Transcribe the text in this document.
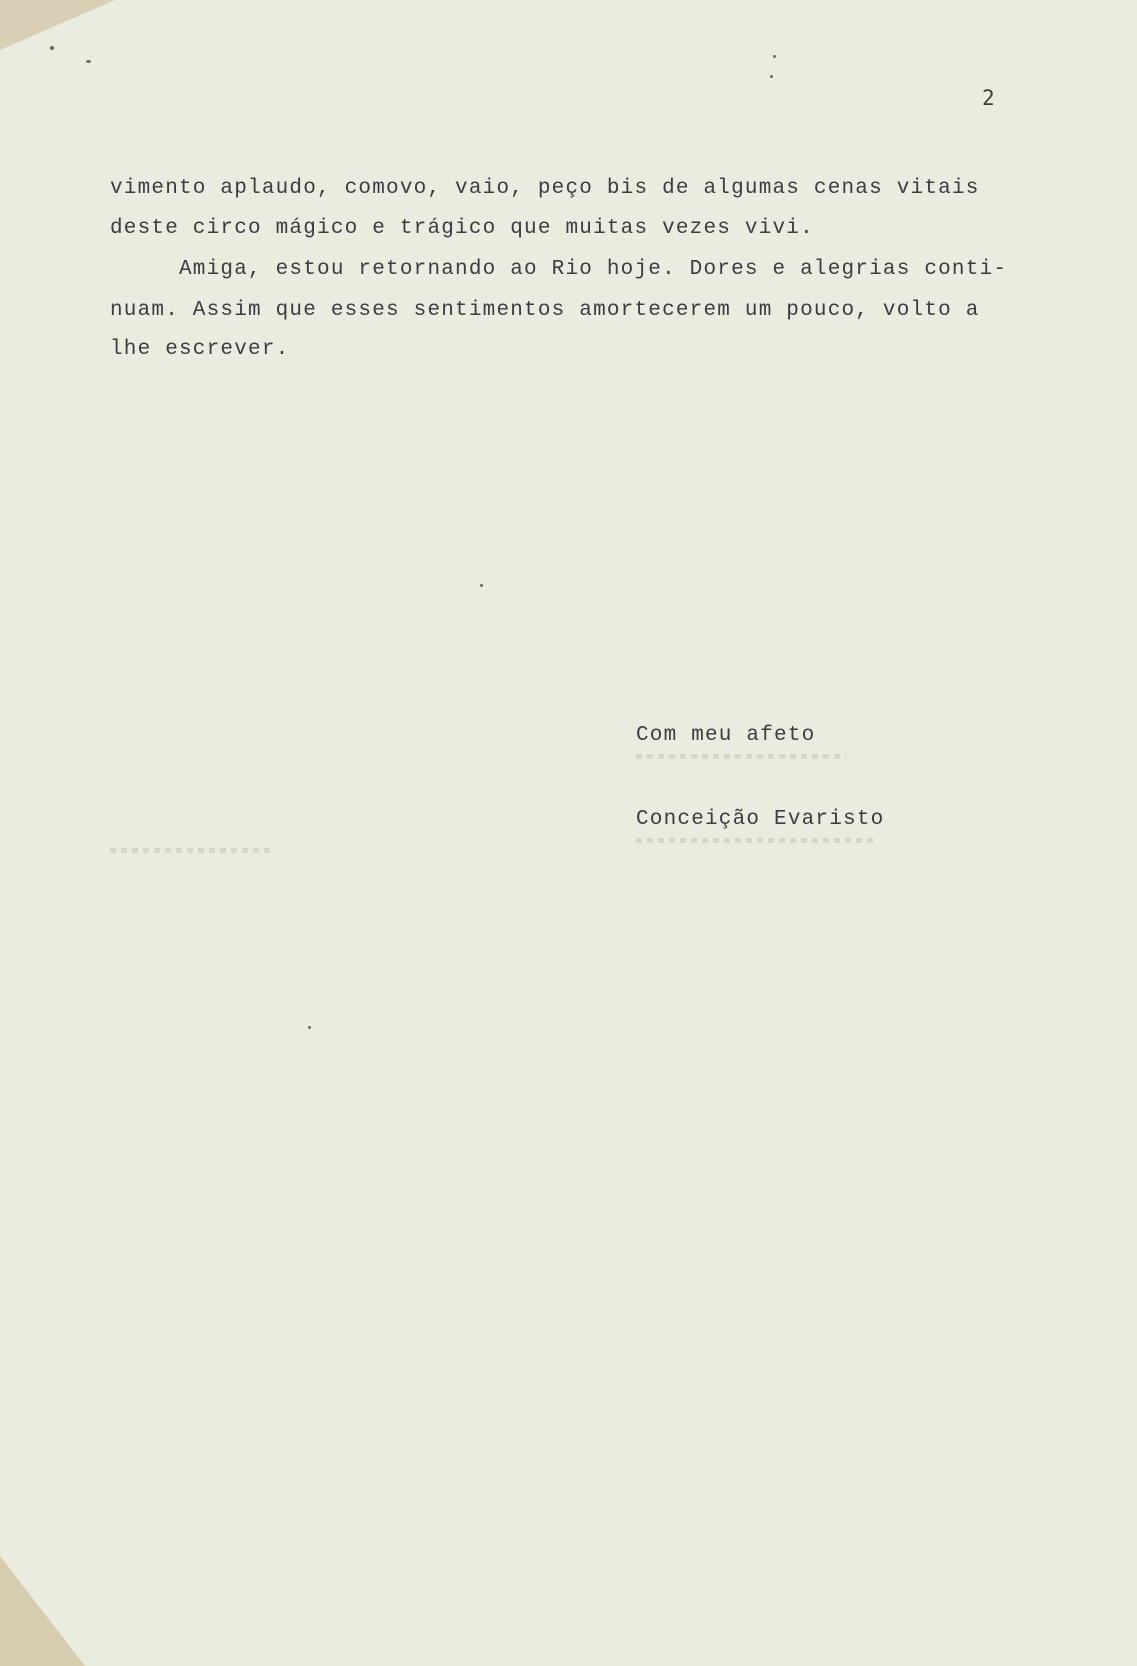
2
vimento aplaudo, comovo, vaio, peço bis de algumas cenas vitais
deste circo mágico e trágico que muitas vezes vivi.
Amiga, estou retornando ao Rio hoje. Dores e alegrias conti-
nuam. Assim que esses sentimentos amortecerem um pouco, volto a
lhe escrever.
Com meu afeto
Conceição Evaristo
